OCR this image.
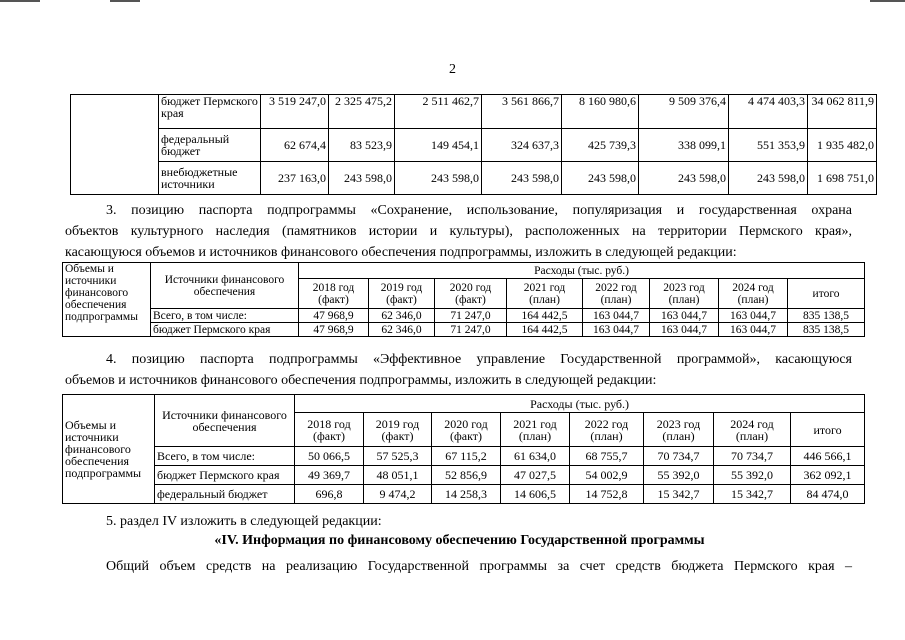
2
	бюджет Пермского края	3 519 247,0	2 325 475,2	2 511 462,7	3 561 866,7	8 160 980,6	9 509 376,4	4 474 403,3	34 062 811,9
	федеральный бюджет	62 674,4	83 523,9	149 454,1	324 637,3	425 739,3	338 099,1	551 353,9	1 935 482,0
	внебюджетные источники	237 163,0	243 598,0	243 598,0	243 598,0	243 598,0	243 598,0	243 598,0	1 698 751,0
3. позицию паспорта подпрограммы «Сохранение, использование, популяризация и государственная охрана
объектов культурного наследия (памятников истории и культуры), расположенных на территории Пермского края»,
касающуюся объемов и источников финансового обеспечения подпрограммы, изложить в следующей редакции:
Объемы и источники финансового обеспечения подпрограммы	Источники финансового обеспечения	Расходы (тыс. руб.)							
		2018 год (факт)	2019 год (факт)	2020 год (факт)	2021 год (план)	2022 год (план)	2023 год (план)	2024 год (план)	итого
	Всего, в том числе:	47 968,9	62 346,0	71 247,0	164 442,5	163 044,7	163 044,7	163 044,7	835 138,5
	бюджет Пермского края	47 968,9	62 346,0	71 247,0	164 442,5	163 044,7	163 044,7	163 044,7	835 138,5
4. позицию паспорта подпрограммы «Эффективное управление Государственной программой», касающуюся
объемов и источников финансового обеспечения подпрограммы, изложить в следующей редакции:
Объемы и источники финансового обеспечения подпрограммы	Источники финансового обеспечения	Расходы (тыс. руб.)							
		2018 год (факт)	2019 год (факт)	2020 год (факт)	2021 год (план)	2022 год (план)	2023 год (план)	2024 год (план)	итого
	Всего, в том числе:	50 066,5	57 525,3	67 115,2	61 634,0	68 755,7	70 734,7	70 734,7	446 566,1
	бюджет Пермского края	49 369,7	48 051,1	52 856,9	47 027,5	54 002,9	55 392,0	55 392,0	362 092,1
	федеральный бюджет	696,8	9 474,2	14 258,3	14 606,5	14 752,8	15 342,7	15 342,7	84 474,0
5. раздел IV изложить в следующей редакции:
«IV. Информация по финансовому обеспечению Государственной программы
Общий объем средств на реализацию Государственной программы за счет средств бюджета Пермского края –
